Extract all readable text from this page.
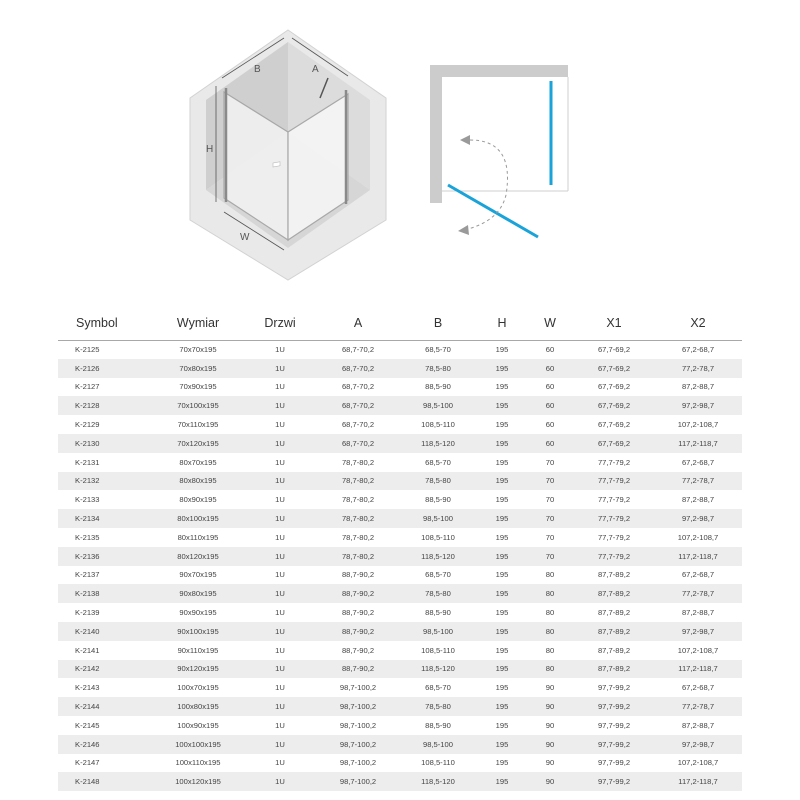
B	A
H
W
Symbol	Wymiar	Drzwi	A	B	H	W	X1	X2
K-2125	70x70x195	1U	68,7-70,2	68,5-70	195	60	67,7-69,2	67,2-68,7
K-2126	70x80x195	1U	68,7-70,2	78,5-80	195	60	67,7-69,2	77,2-78,7
K-2127	70x90x195	1U	68,7-70,2	88,5-90	195	60	67,7-69,2	87,2-88,7
K-2128	70x100x195	1U	68,7-70,2	98,5-100	195	60	67,7-69,2	97,2-98,7
K-2129	70x110x195	1U	68,7-70,2	108,5-110	195	60	67,7-69,2	107,2-108,7
K-2130	70x120x195	1U	68,7-70,2	118,5-120	195	60	67,7-69,2	117,2-118,7
K-2131	80x70x195	1U	78,7-80,2	68,5-70	195	70	77,7-79,2	67,2-68,7
K-2132	80x80x195	1U	78,7-80,2	78,5-80	195	70	77,7-79,2	77,2-78,7
K-2133	80x90x195	1U	78,7-80,2	88,5-90	195	70	77,7-79,2	87,2-88,7
K-2134	80x100x195	1U	78,7-80,2	98,5-100	195	70	77,7-79,2	97,2-98,7
K-2135	80x110x195	1U	78,7-80,2	108,5-110	195	70	77,7-79,2	107,2-108,7
K-2136	80x120x195	1U	78,7-80,2	118,5-120	195	70	77,7-79,2	117,2-118,7
K-2137	90x70x195	1U	88,7-90,2	68,5-70	195	80	87,7-89,2	67,2-68,7
K-2138	90x80x195	1U	88,7-90,2	78,5-80	195	80	87,7-89,2	77,2-78,7
K-2139	90x90x195	1U	88,7-90,2	88,5-90	195	80	87,7-89,2	87,2-88,7
K-2140	90x100x195	1U	88,7-90,2	98,5-100	195	80	87,7-89,2	97,2-98,7
K-2141	90x110x195	1U	88,7-90,2	108,5-110	195	80	87,7-89,2	107,2-108,7
K-2142	90x120x195	1U	88,7-90,2	118,5-120	195	80	87,7-89,2	117,2-118,7
K-2143	100x70x195	1U	98,7-100,2	68,5-70	195	90	97,7-99,2	67,2-68,7
K-2144	100x80x195	1U	98,7-100,2	78,5-80	195	90	97,7-99,2	77,2-78,7
K-2145	100x90x195	1U	98,7-100,2	88,5-90	195	90	97,7-99,2	87,2-88,7
K-2146	100x100x195	1U	98,7-100,2	98,5-100	195	90	97,7-99,2	97,2-98,7
K-2147	100x110x195	1U	98,7-100,2	108,5-110	195	90	97,7-99,2	107,2-108,7
K-2148	100x120x195	1U	98,7-100,2	118,5-120	195	90	97,7-99,2	117,2-118,7
